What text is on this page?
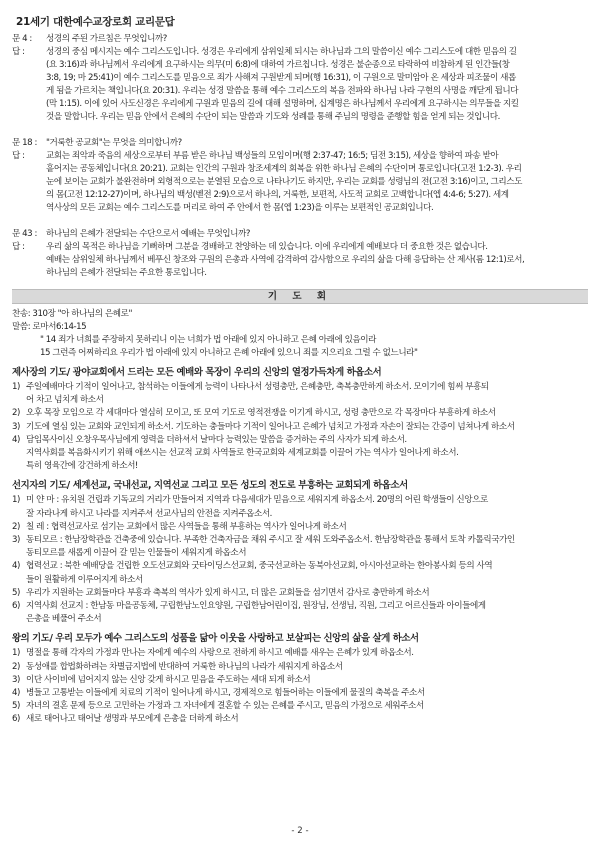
21세기 대한예수교장로회 교리문답
문 4 :	성경의 주된 가르침은 무엇입니까?
답 :	성경의 중심 메시지는 예수 그리스도입니다. 성경은 우리에게 삼위일체 되시는 하나님과 그의 말씀이신 예수 그리스도에 대한 믿음의 길
(요 3:16)과 하나님께서 우리에게 요구하시는 의무(미 6:8)에 대하여 가르칩니다. 성경은 불순종으로 타락하여 비참하게 된 인간들(창
3:8, 19; 마 25:41)이 예수 그리스도를 믿음으로 죄가 사해져 구원받게 되며(행 16:31), 이 구원으로 말미암아 온 세상과 피조물이 새롭
게 됨을 가르치는 책입니다(요 20:31). 우리는 성경 말씀을 통해 예수 그리스도의 복음 전파와 하나님 나라 구현의 사명을 깨닫게 됩니다
(막 1:15). 이에 있어 사도신경은 우리에게 구원과 믿음의 길에 대해 설명하며, 십계명은 하나님께서 우리에게 요구하시는 의무들을 지킬
것을 말합니다. 우리는 믿음 안에서 은혜의 수단이 되는 말씀과 기도와 성례를 통해 주님의 명령을 준행할 힘을 얻게 되는 것입니다.
문 18 :	"거룩한 공교회"는 무엇을 의미합니까?
답 :	교회는 죄악과 죽음의 세상으로부터 부름 받은 하나님 백성들의 모임이며(행 2:37-47; 16:5; 딤전 3:15), 세상을 향하여 파송 받아
흩어지는 공동체입니다(요 20:21). 교회는 인간의 구원과 창조세계의 회복을 위한 하나님 은혜의 수단이며 통로입니다(고전 1:2-3). 우리
눈에 보이는 교회가 불완전하며 외형적으로는 분열된 모습으로 나타나기도 하지만, 우리는 교회를 성령님의 전(고전 3:16)이고, 그리스도
의 몸(고전 12:12-27)이며, 하나님의 백성(벧전 2:9)으로서 하나의, 거룩한, 보편적, 사도적 교회로 고백합니다(엡 4:4-6; 5:27). 세계
역사상의 모든 교회는 예수 그리스도를 머리로 하여 주 안에서 한 몸(엡 1:23)을 이루는 보편적인 공교회입니다.
문 43 :	하나님의 은혜가 전달되는 수단으로서 예배는 무엇입니까?
답 :	우리 삶의 목적은 하나님을 기뻐하며 그분을 경배하고 찬양하는 데 있습니다. 이에 우리에게 예배보다 더 중요한 것은 없습니다.
예배는 삼위일체 하나님께서 베푸신 창조와 구원의 은총과 사역에 감격하여 감사함으로 우리의 삶을 다해 응답하는 산 제사(롬 12:1)로서,
하나님의 은혜가 전달되는 주요한 통로입니다.
기 도 회
찬송: 310장 "아 하나님의 은혜로"
말씀: 로마서6:14-15
" 14 죄가 너희를 주장하지 못하리니 이는 너희가 법 아래에 있지 아니하고 은혜 아래에 있음이라
15 그런즉 어찌하리요 우리가 법 아래에 있지 아니하고 은혜 아래에 있으니 죄를 지으리요 그럴 수 없느니라"
제사장의 기도/ 광야교회에서 드리는 모든 예배와 목장이 우리의 신앙의 열정가득차게 하옵소서
1) 주일예배마다 기적이 일어나고, 참석하는 이들에게 능력이 나타나서 성령충만, 은혜충만, 축복충만하게 하소서. 모이기에 힘써 부흥되
어 차고 넘치게 하소서
2) 오후 목장 모임으로 각 세대마다 열심히 모이고, 또 모여 기도로 영적전쟁을 이기게 하시고, 성령 충만으로 각 목장마다 부흥하게 하소서
3) 기도에 열심 있는 교회와 교인되게 하소서. 기도하는 충들마다 기적이 일어나고 은혜가 넘치고 가정과 자손이 잘되는 간증이 넘쳐나게 하소서
4) 담임목사이신 오창우목사님에게 영력을 더하셔서 날마다 능력있는 말씀을 증거하는 주의 사자가 되게 하소서.
지역사회를 복음화시키기 위해 애쓰시는 선교적 교회 사역들로 한국교회와 세계교회를 이끌어 가는 역사가 일어나게 하소서.
특히 영육간에 강건하게 하소서!
선지자의 기도/ 세계선교, 국내선교, 지역선교 그리고 모든 성도의 전도로 부흥하는 교회되게 하옵소서
1) 미 얀 마 : 유치원 건립과 기독교의 거리가 만들어져 지역과 다음세대가 믿음으로 세워지게 하옵소서. 20명의 어린 학생들이 신앙으로
잘 자라나게 하시고 나라를 지켜주셔 선교사님의 안전을 지켜주옵소서.
2) 칠 레 : 협력선교사로 섬기는 교회에서 많은 사역들을 통해 부흥하는 역사가 일어나게 하소서
3) 동티모르 : 한남장학관을 건축중에 있습니다. 부족한 건축자금을 채워 주시고 잘 세워 도와주옵소서. 한남장학관을 통해서 토착 카톨릭국가인
동티모르를 새롭게 이끌어 갈 믿는 인물들이 세워지게 하옵소서
4) 협력선교 : 북한 예배당을 건립한 오도선교회와 굿타이딩스선교회, 중국선교하는 동북아선교회, 아시아선교하는 한아봉사회 등의 사역
들이 원활하게 이루어지게 하소서
5) 우리가 지원하는 교회들마다 부흥과 축복의 역사가 있게 하시고, 더 많은 교회들을 섬기면서 감사로 충만하게 하소서
6) 지역사회 선교지 : 한남동 마을공동체, 구립한남노인요양원, 구립한남어린이집, 원장님, 선생님, 직원, 그리고 어르신들과 아이들에게
은총을 베풀어 주소서
왕의 기도/ 우리 모두가 예수 그리스도의 성품을 닮아 이웃을 사랑하고 보살피는 신앙의 삶을 살게 하소서
1) 명절을 통해 각자의 가정과 만나는 자에게 예수의 사랑으로 전하게 하시고 예배를 새우는 은혜가 있게 하옵소서.
2) 동성애를 합법화하려는 차별금지법에 반대하여 거룩한 하나님의 나라가 세워지게 하옵소서
3) 이단 사이비에 넘어지지 않는 신앙 갖게 하시고 믿음을 주도하는 세대 되게 하소서
4) 병들고 고통받는 이들에게 치료의 기적이 일어나게 하시고, 경제적으로 힘들어하는 이들에게 물질의 축복을 주소서
5) 자녀의 결혼 문제 등으로 고민하는 가정과 그 자녀에게 결혼할 수 있는 은혜를 주시고, 믿음의 가정으로 세워주소서
6) 새로 태어나고 태어날 생명과 부모에게 은총을 더하게 하소서
- 2 -
